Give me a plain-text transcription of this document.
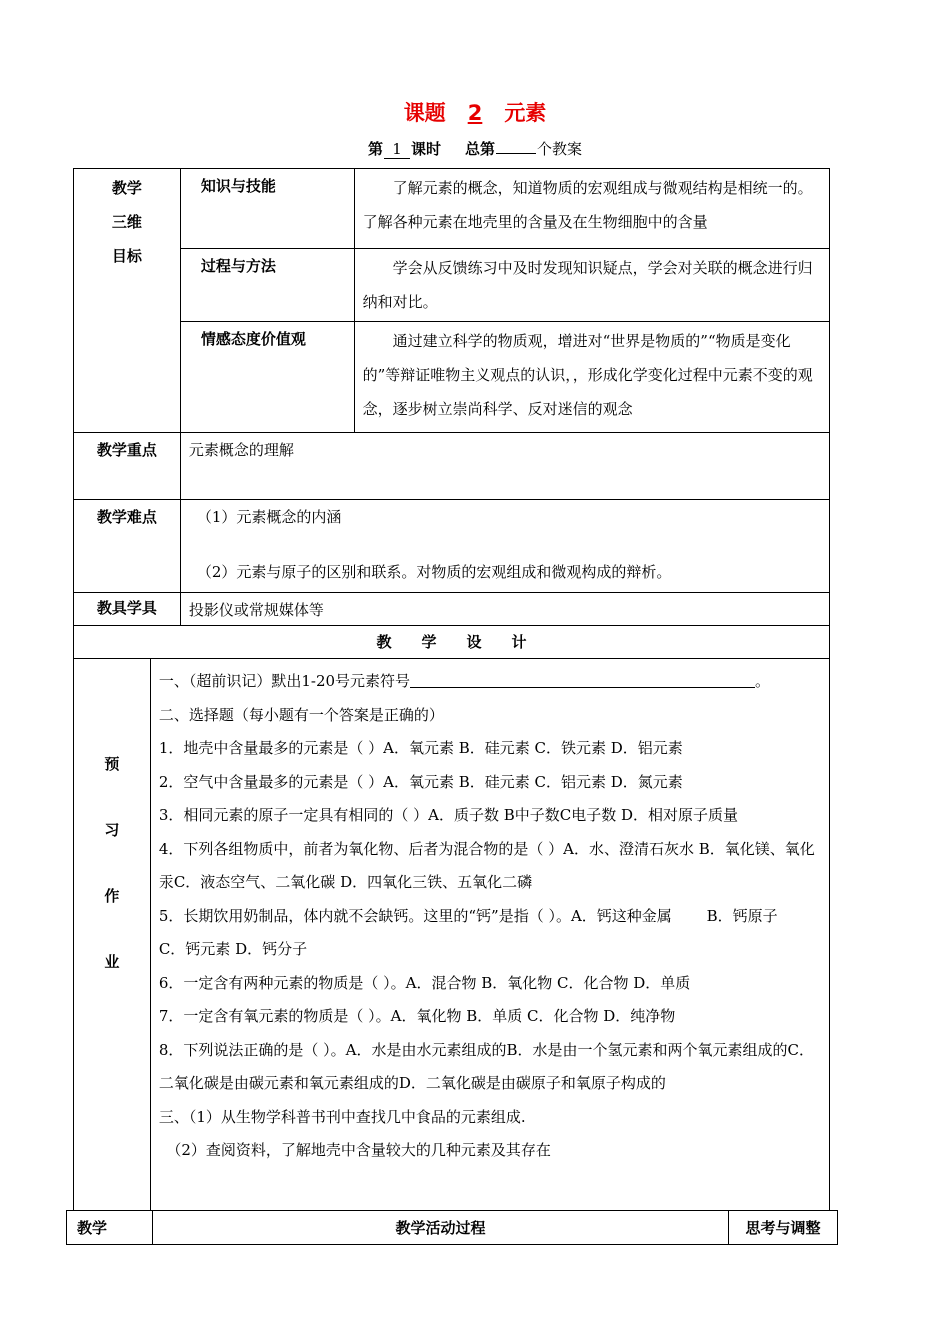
课题 2 元素
第 1 课时 总第	个教案
教学
三维
目标	知识与技能	了解元素的概念，知道物质的宏观组成与微观结构是相统一的。了解各种元素在地壳里的含量及在生物细胞中的含量

	过程与方法	学会从反馈练习中及时发现知识疑点，学会对关联的概念进行归纳和对比。

	情感态度价值观	通过建立科学的物质观，增进对“世界是物质的”“物质是变化的”等辩证唯物主义观点的认识，，形成化学变化过程中元素不变的观念，逐步树立崇尚科学、反对迷信的观念

教学重点	元素概念的理解	
教学难点	（1）元素概念的内涵
（2）元素与原子的区别和联系。对物质的宏观组成和微观构成的辩析。	

教具学具	投影仪或常规媒体等	
教　　学　　设　　计		
预
习
作
业

一、（超前识记）默出1-20号元素符号	。

二、选择题（每小题有一个答案是正确的）

1．地壳中含量最多的元素是（ ）A．氧元素 B．硅元素 C．铁元素 D．铝元素

2．空气中含量最多的元素是（ ）A．氧元素 B．硅元素 C．铝元素 D．氮元素

3．相同元素的原子一定具有相同的（ ）A．质子数 B中子数C电子数 D．相对原子质量

4．下列各组物质中，前者为氧化物、后者为混合物的是（ ）A．水、澄清石灰水 B．氧化镁、氧化汞C．液态空气、二氧化碳 D．四氧化三铁、五氧化二磷

5．长期饮用奶制品，体内就不会缺钙。这里的“钙”是指（ ）。A．钙这种金属　　 B．钙原子　　　C．钙元素 D．钙分子

6．一定含有两种元素的物质是（ ）。A．混合物 B．氧化物 C．化合物 D．单质

7．一定含有氧元素的物质是（ ）。A．氧化物 B．单质 C．化合物 D．纯净物

8．下列说法正确的是（ ）。A．水是由水元素组成的B．水是由一个氢元素和两个氧元素组成的C．二氧化碳是由碳元素和氧元素组成的D．二氧化碳是由碳原子和氧原子构成的

三、（1）从生物学科普书刊中查找几中食品的元素组成.

　（2）查阅资料，了解地壳中含量较大的几种元素及其存在

教学	教学活动过程	思考与调整
